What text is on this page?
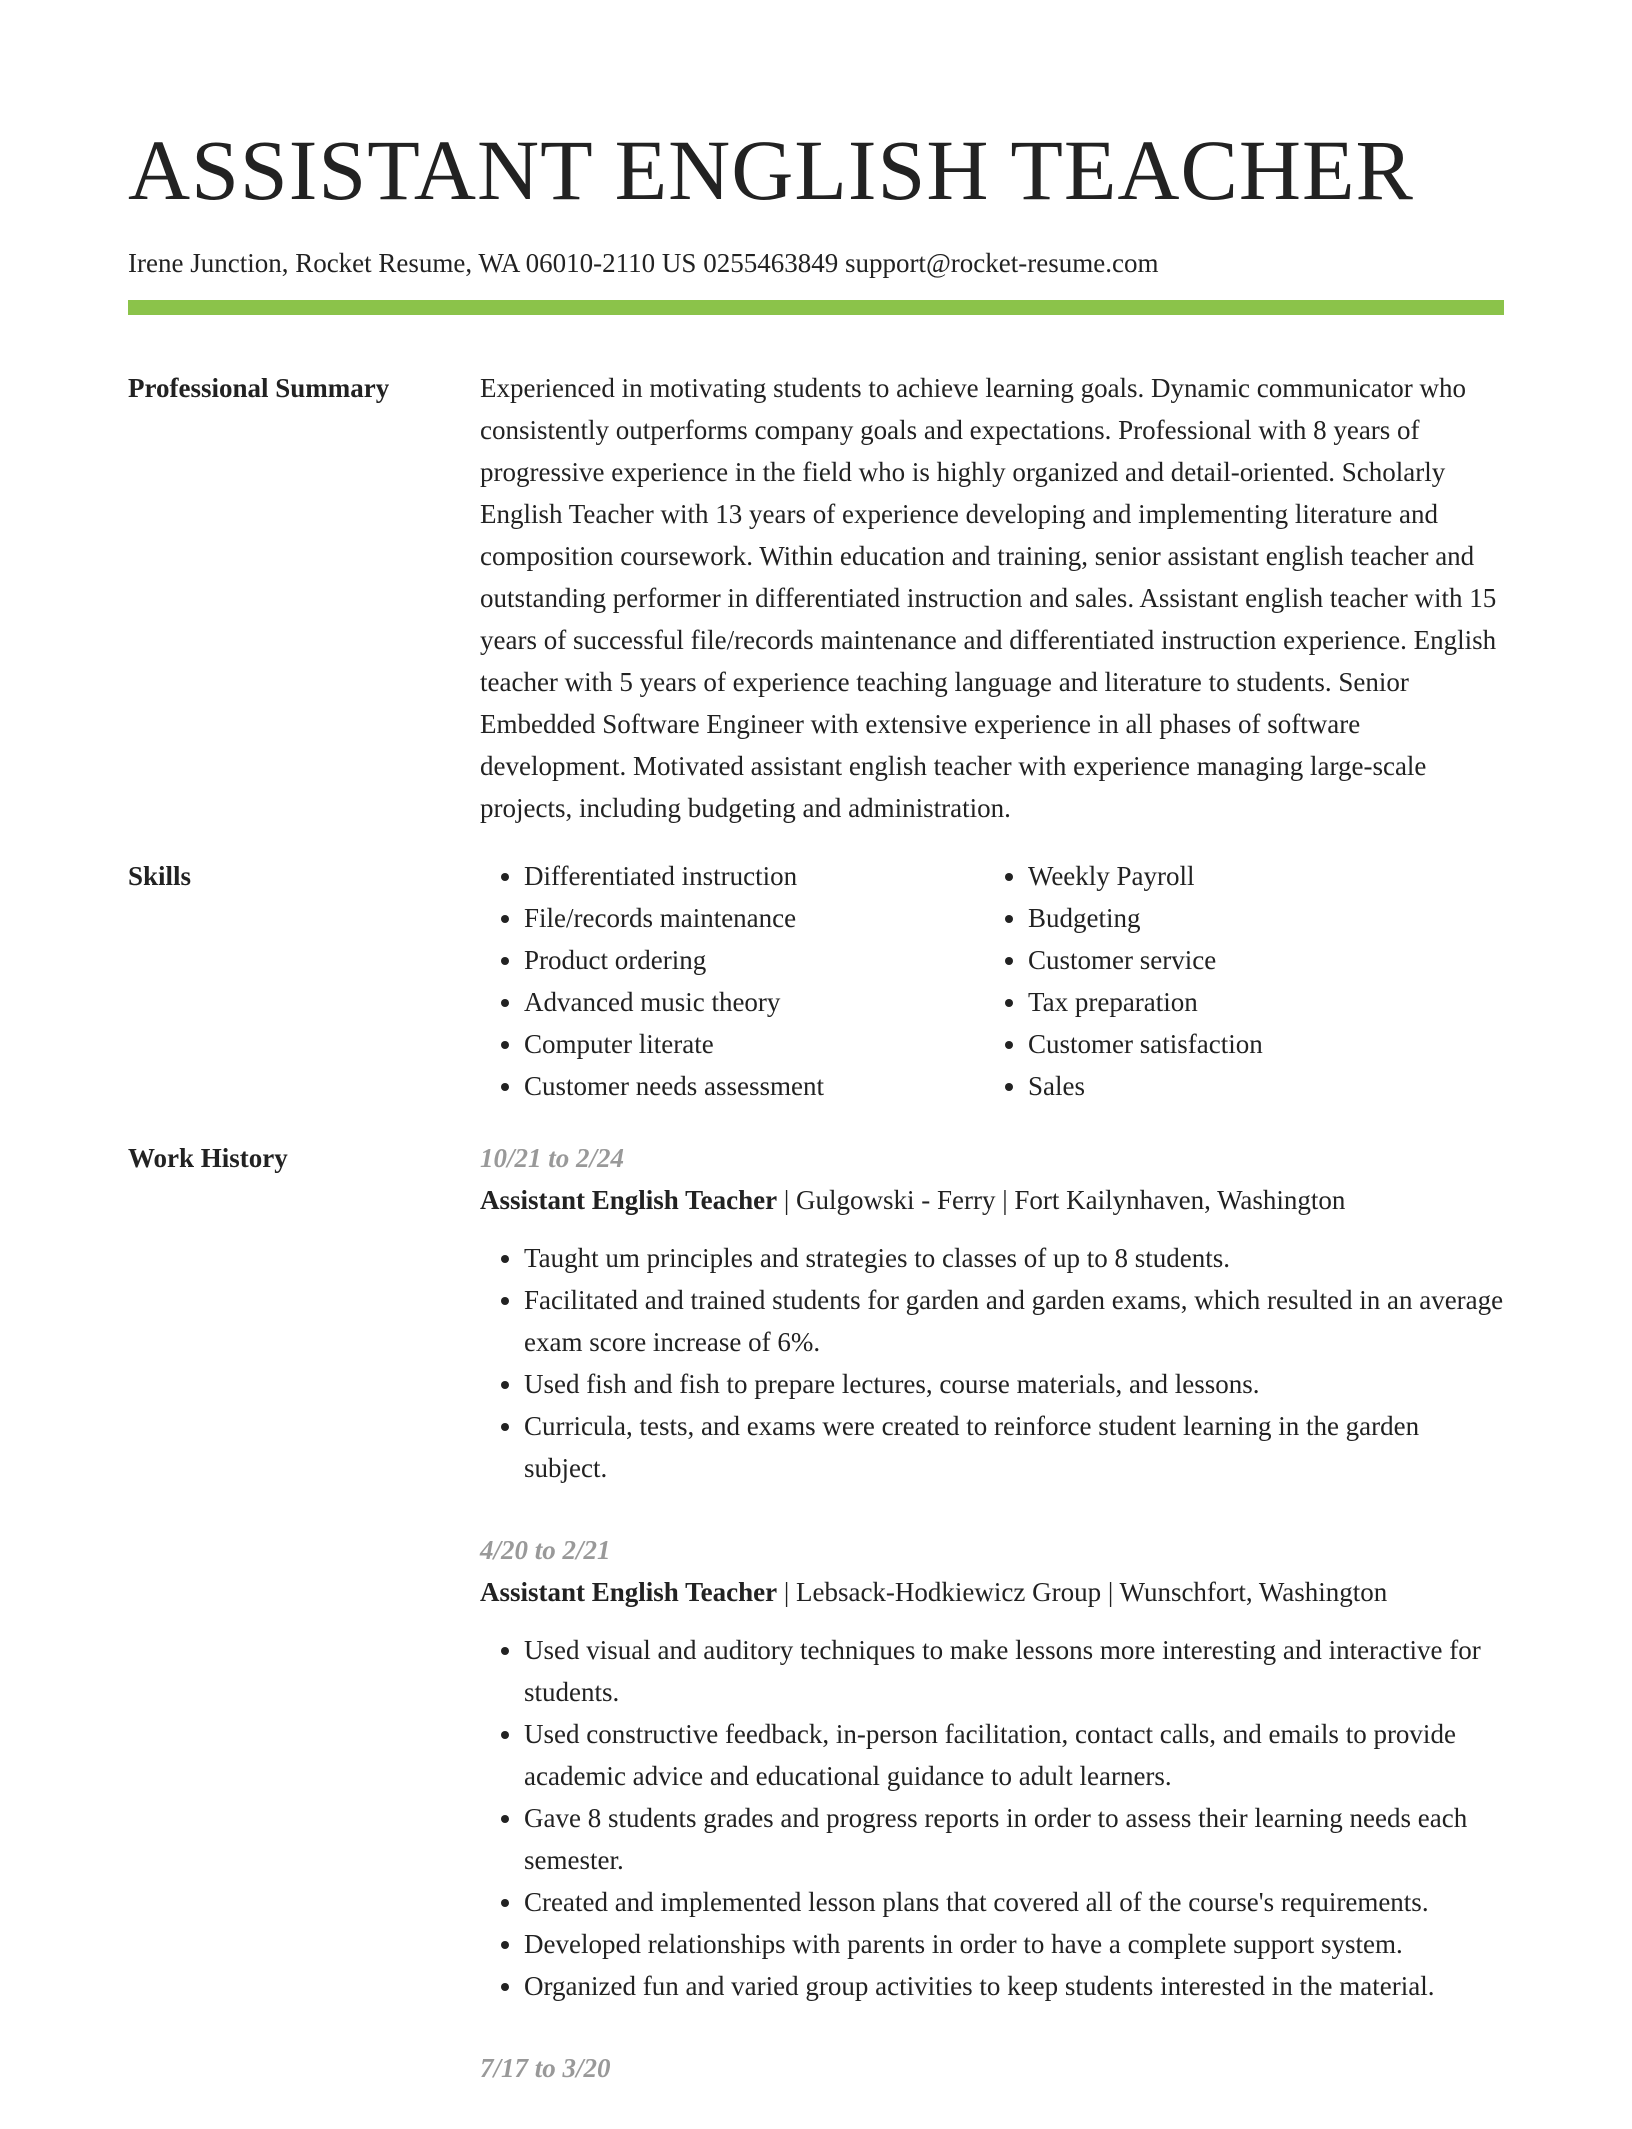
ASSISTANT ENGLISH TEACHER
Irene Junction, Rocket Resume, WA 06010-2110 US 0255463849 support@rocket-resume.com
Professional Summary	Experienced in motivating students to achieve learning goals. Dynamic communicator who consistently outperforms company goals and expectations. Professional with 8 years of progressive experience in the field who is highly organized and detail-oriented. Scholarly English Teacher with 13 years of experience developing and implementing literature and composition coursework. Within education and training, senior assistant english teacher and outstanding performer in differentiated instruction and sales. Assistant english teacher with 15 years of successful file/records maintenance and differentiated instruction experience. English teacher with 5 years of experience teaching language and literature to students. Senior Embedded Software Engineer with extensive experience in all phases of software development. Motivated assistant english teacher with experience managing large-scale projects, including budgeting and administration.

Skills
•	Differentiated instruction
• File/records maintenance
• Product ordering
• Advanced music theory
• Computer literate
• Customer needs assessment
• Weekly Payroll
• Budgeting
• Customer service
• Tax preparation
• Customer satisfaction
• Sales
Work History	10/21 to 2/24
Assistant English Teacher | Gulgowski - Ferry | Fort Kailynhaven, Washington
• Taught um principles and strategies to classes of up to 8 students.
• Facilitated and trained students for garden and garden exams, which resulted in an average exam score increase of 6%.
• Used fish and fish to prepare lectures, course materials, and lessons.
• Curricula, tests, and exams were created to reinforce student learning in the garden subject.
4/20 to 2/21
Assistant English Teacher | Lebsack-Hodkiewicz Group | Wunschfort, Washington
• Used visual and auditory techniques to make lessons more interesting and interactive for students.
• Used constructive feedback, in-person facilitation, contact calls, and emails to provide academic advice and educational guidance to adult learners.
• Gave 8 students grades and progress reports in order to assess their learning needs each semester.
• Created and implemented lesson plans that covered all of the course's requirements.
• Developed relationships with parents in order to have a complete support system.
• Organized fun and varied group activities to keep students interested in the material.
7/17 to 3/20
